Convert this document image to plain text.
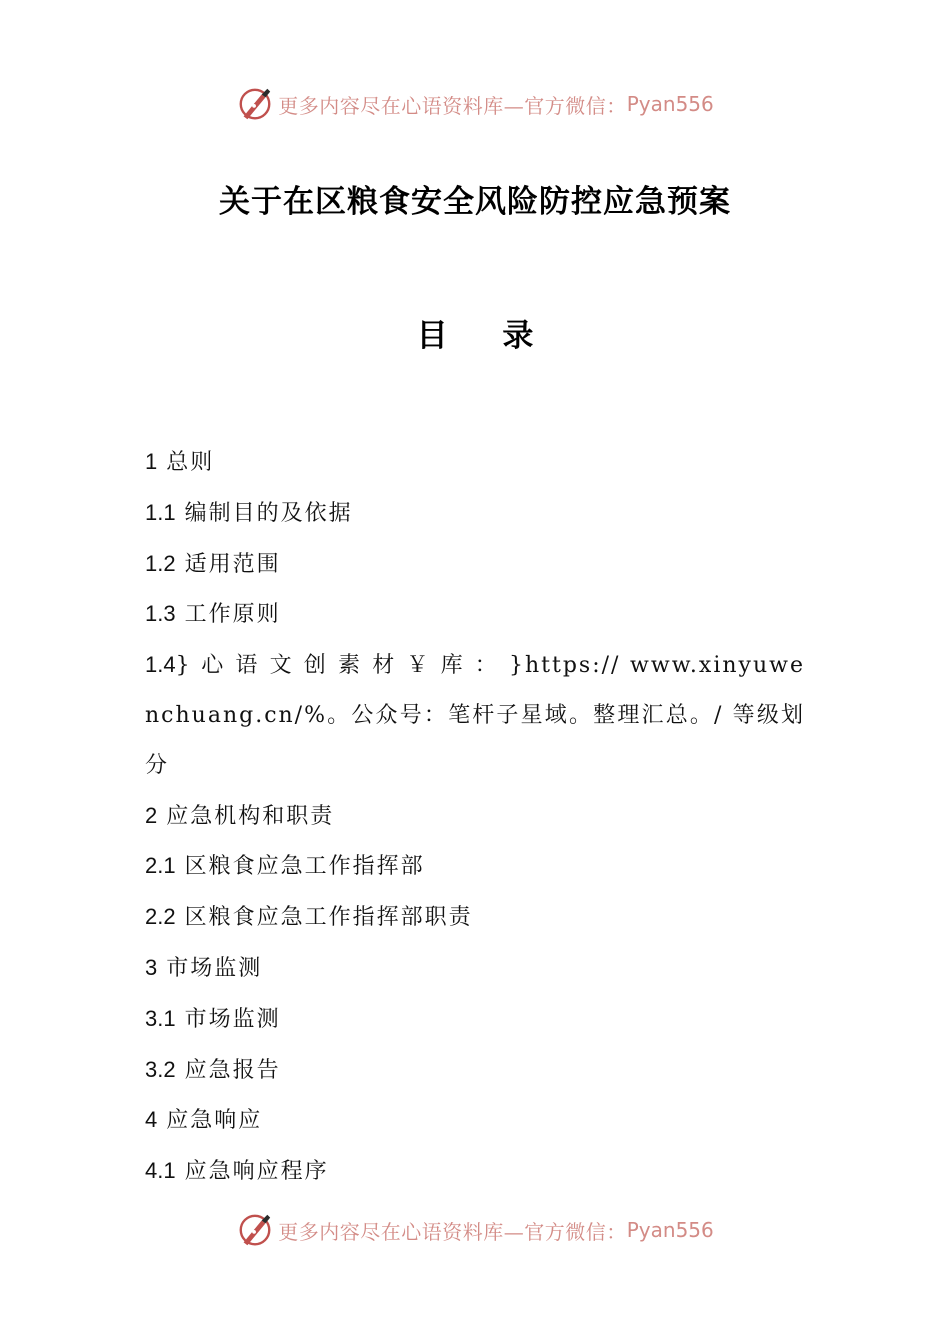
更多内容尽在心语资料库—官方微信： Pyan556
关于在区粮食安全风险防控应急预案
目 录
1 总则
1.1 编制目的及依据
1.2 适用范围
1.3 工作原则
1.4} 心 语 文 创 素 材 ￥ 库 ： }https:// www.xinyuwenchuang.cn/%。公众号：笔杆子星域。整理汇总。/ 等级划分
2 应急机构和职责
2.1 区粮食应急工作指挥部
2.2 区粮食应急工作指挥部职责
3 市场监测
3.1 市场监测
3.2 应急报告
4 应急响应
4.1 应急响应程序
更多内容尽在心语资料库—官方微信： Pyan556
